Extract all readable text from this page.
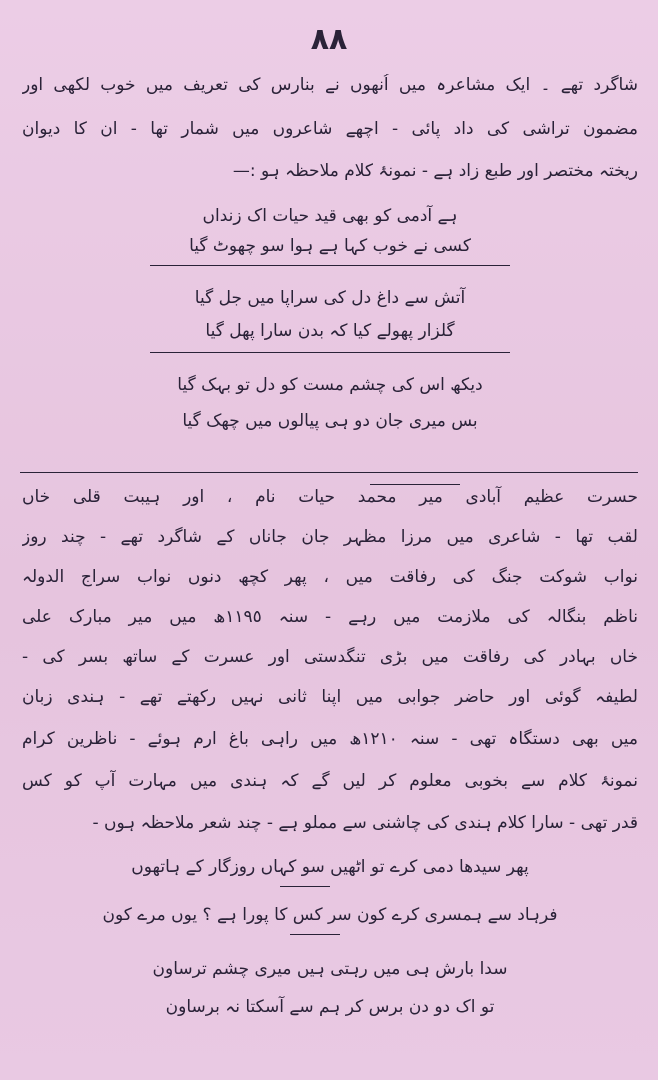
٨٨
شاگرد تھے ۔ ایک مشاعرہ میں اُنھوں نے بنارس کی تعریف میں خوب لکھی اور
مضمون تراشی کی داد پائی - اچھے شاعروں میں شمار تھا - ان کا دیوان
ریختہ مختصر اور طبع زاد ہے - نمونۂ کلام ملاحظہ ہو :—
ہے آدمی کو بھی قید حیات اک زنداں
کسی نے خوب کہا ہے ہوا سو چھوٹ گیا
آتش سے داغ دل کی سراپا میں جل گیا
گلزار پھولے کیا کہ بدن سارا پھل گیا
دیکھ اس کی چشم مست کو دل تو بہک گیا
بس میری جان دو ہی پیالوں میں چھک گیا
حسرت عظیم آبادی میر محمد حیات نام ، اور ہیبت قلی خاں
لقب تھا - شاعری میں مرزا مظہر جان جاناں کے شاگرد تھے - چند روز
نواب شوکت جنگ کی رفاقت میں ، پھر کچھ دنوں نواب سراج الدولہ
ناظم بنگالہ کی ملازمت میں رہے - سنہ ١١٩٥ھ میں میر مبارک علی
خاں بہادر کی رفاقت میں بڑی تنگدستی اور عسرت کے ساتھ بسر کی -
لطیفہ گوئی اور حاضر جوابی میں اپنا ثانی نہیں رکھتے تھے - ہندی زبان
میں بھی دستگاہ تھی - سنہ ١٢١٠ھ میں راہی باغ ارم ہوئے - ناظرین کرام
نمونۂ کلام سے بخوبی معلوم کر لیں گے کہ ہندی میں مہارت آپ کو کس
قدر تھی - سارا کلام ہندی کی چاشنی سے مملو ہے - چند شعر ملاحظہ ہوں -
پھر سیدھا دمی کرے تو اٹھیں سو کہاں روزگار کے ہاتھوں
فرہاد سے ہمسری کرے کون سر کس کا پورا ہے ؟ یوں مرے کون
سدا بارش ہی میں رہتی ہیں میری چشم ترساون
تو اک دو دن برس کر ہم سے آسکتا نہ برساون
